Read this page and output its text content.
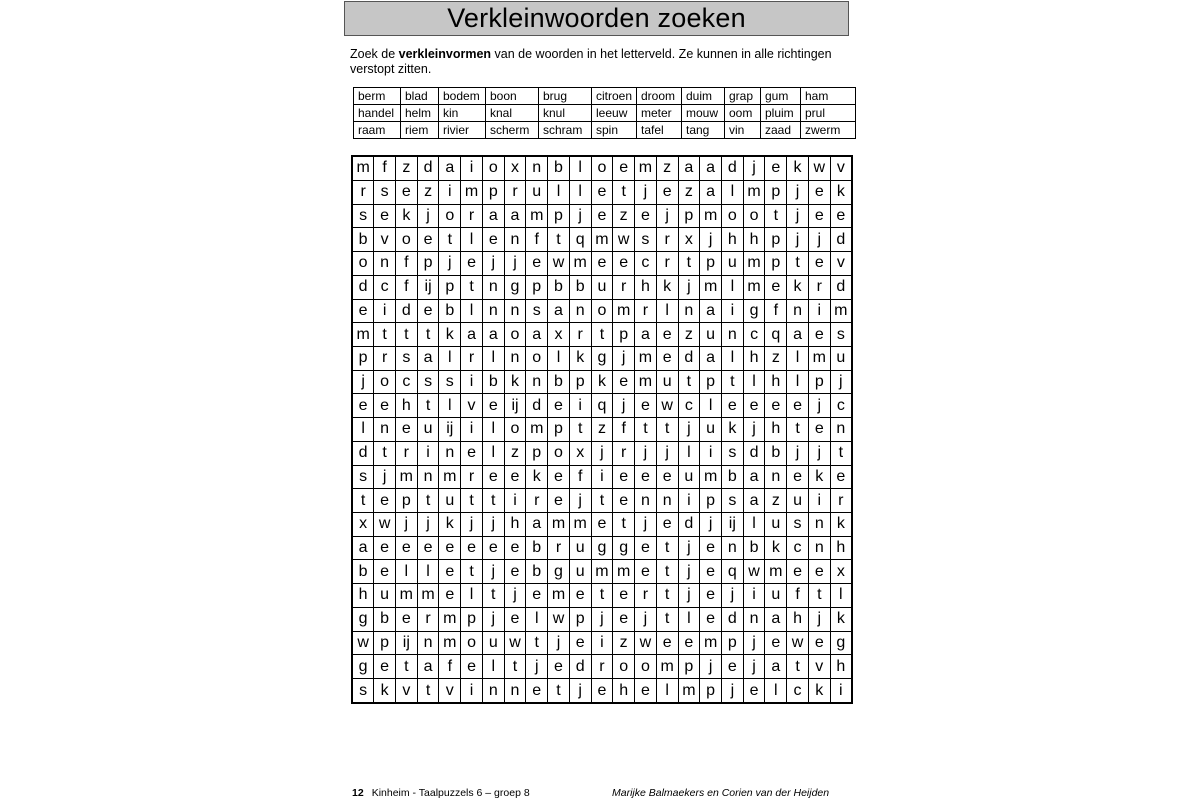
Verkleinwoorden zoeken
Zoek de verkleinvormen van de woorden in het letterveld. Ze kunnen in alle richtingen verstopt zitten.
berm	blad	bodem	boon	brug	citroen	droom	duim	grap	gum	ham
handel	helm	kin	knal	knul	leeuw	meter	mouw	oom	pluim	prul
raam	riem	rivier	scherm	schram	spin	tafel	tang	vin	zaad	zwerm
m	f	z	d	a	i	o	x	n	b	l	o	e	m	z	a	a	d	j	e	k	w	v
r	s	e	z	i	m	p	r	u	l	l	e	t	j	e	z	a	l	m	p	j	e	k
s	e	k	j	o	r	a	a	m	p	j	e	z	e	j	p	m	o	o	t	j	e	e
b	v	o	e	t	l	e	n	f	t	q	m	w	s	r	x	j	h	h	p	j	j	d
o	n	f	p	j	e	j	j	e	w	m	e	e	c	r	t	p	u	m	p	t	e	v
d	c	f	ij	p	t	n	g	p	b	b	u	r	h	k	j	m	l	m	e	k	r	d
e	i	d	e	b	l	n	n	s	a	n	o	m	r	l	n	a	i	g	f	n	i	m
m	t	t	t	k	a	a	o	a	x	r	t	p	a	e	z	u	n	c	q	a	e	s
p	r	s	a	l	r	l	n	o	l	k	g	j	m	e	d	a	l	h	z	l	m	u
j	o	c	s	s	i	b	k	n	b	p	k	e	m	u	t	p	t	l	h	l	p	j
e	e	h	t	l	v	e	ij	d	e	i	q	j	e	w	c	l	e	e	e	e	j	c
l	n	e	u	ij	i	l	o	m	p	t	z	f	t	t	j	u	k	j	h	t	e	n
d	t	r	i	n	e	l	z	p	o	x	j	r	j	j	l	i	s	d	b	j	j	t
s	j	m	n	m	r	e	e	k	e	f	i	e	e	e	u	m	b	a	n	e	k	e
t	e	p	t	u	t	t	i	r	e	j	t	e	n	n	i	p	s	a	z	u	i	r
x	w	j	j	k	j	j	h	a	m	m	e	t	j	e	d	j	ij	l	u	s	n	k
a	e	e	e	e	e	e	e	b	r	u	g	g	e	t	j	e	n	b	k	c	n	h
b	e	l	l	e	t	j	e	b	g	u	m	m	e	t	j	e	q	w	m	e	e	x
h	u	m	m	e	l	t	j	e	m	e	t	e	r	t	j	e	j	i	u	f	t	l
g	b	e	r	m	p	j	e	l	w	p	j	e	j	t	l	e	d	n	a	h	j	k
w	p	ij	n	m	o	u	w	t	j	e	i	z	w	e	e	m	p	j	e	w	e	g
g	e	t	a	f	e	l	t	j	e	d	r	o	o	m	p	j	e	j	a	t	v	h
s	k	v	t	v	i	n	n	e	t	j	e	h	e	l	m	p	j	e	l	c	k	i
12 Kinheim - Taalpuzzels 6 – groep 8	Marijke Balmaekers en Corien van der Heijden
